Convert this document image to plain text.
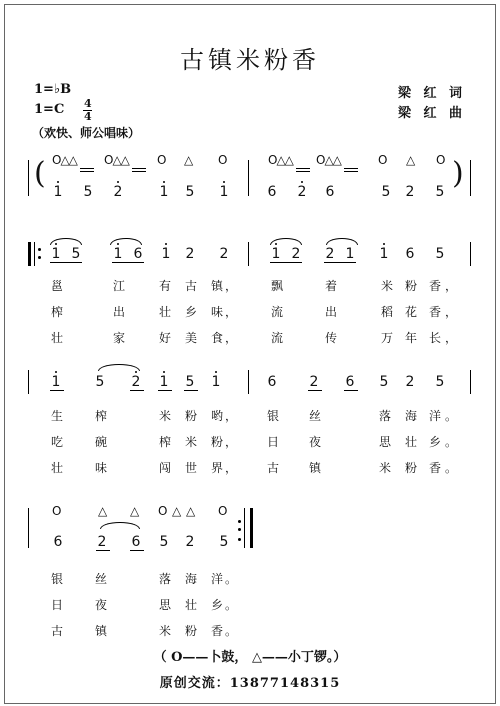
古镇米粉香
1=♭B
1=C 4
4
（欢快、师公唱味）
梁 红 词
梁 红 曲
(	)
O△△ O△△ O △ O	O△△ O△△	O △ O
1 5 2	1 5 1	6 2 6	5 2 5
1 5 1 6 1 2 2	1 2 2 1 1 6 5
邕	江	有 古 镇 ，	飘	着	米 粉 香 ，
榨	出	壮 乡 味 ，	流	出	稻 花 香 ，
壮	家	好 美 食 ，	流	传	万 年 长 ，
1	5 2 1 5 1	6 2 6 5 2 5
生	榨	米 粉 哟 ， 银 丝	落 海 洋 。
吃	碗	榨 米 粉 ， 日 夜	思 壮 乡 。
壮	味	闯 世 界 ， 古 镇	米 粉 香 。
O	△ △ O △ △ O
6	2 6 5 2 5
银	丝	落 海 洋 。
日	夜	思 壮 乡 。
古	镇	米 粉 香 。
（ O——卜鼓， △——小丁锣。）
原创交流：13877148315
